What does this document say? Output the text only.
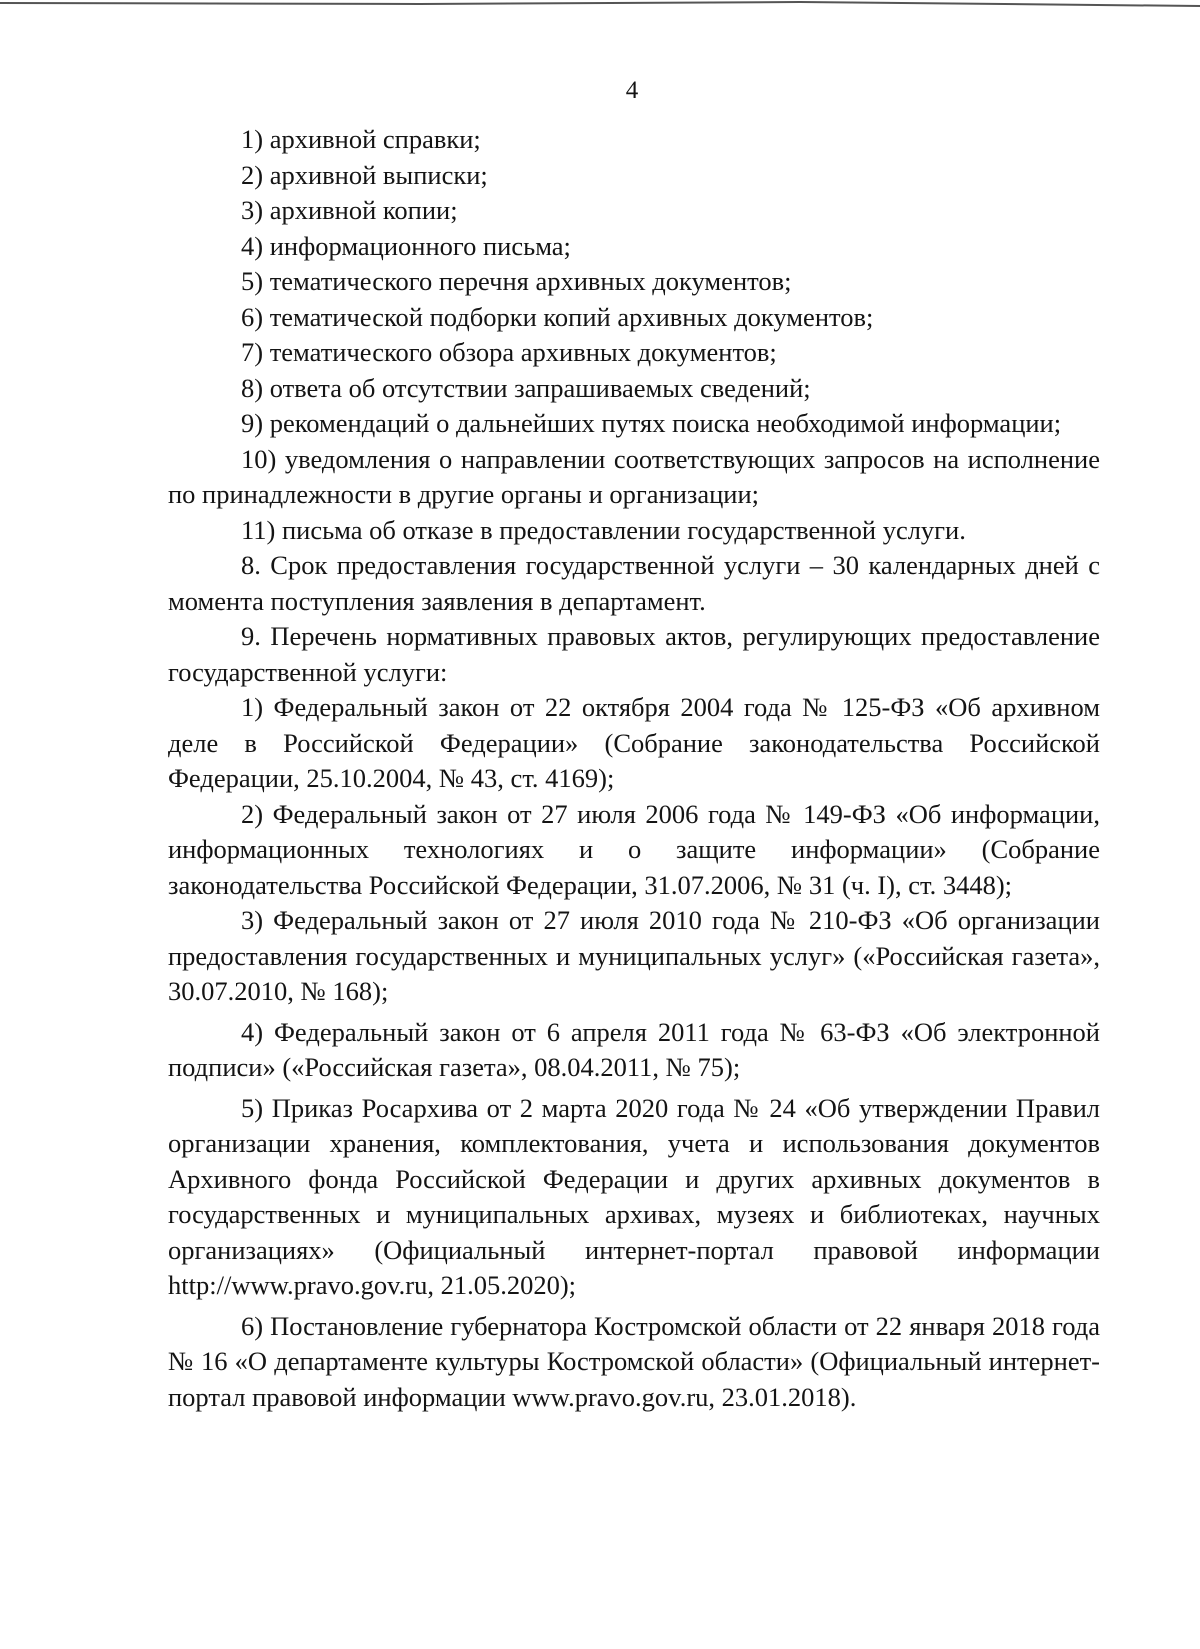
4

1) архивной справки;

2) архивной выписки;

3) архивной копии;

4) информационного письма;

5) тематического перечня архивных документов;

6) тематической подборки копий архивных документов;

7) тематического обзора архивных документов;

8) ответа об отсутствии запрашиваемых сведений;

9) рекомендаций о дальнейших путях поиска необходимой информации;

10) уведомления о направлении соответствующих запросов на исполнение по принадлежности в другие органы и организации;

11) письма об отказе в предоставлении государственной услуги.

8. Срок предоставления государственной услуги – 30 календарных дней с момента поступления заявления в департамент.

9. Перечень нормативных правовых актов, регулирующих предоставление государственной услуги:

1) Федеральный закон от 22 октября 2004 года № 125-ФЗ «Об архивном деле в Российской Федерации» (Собрание законодательства Российской Федерации, 25.10.2004, № 43, ст. 4169);

2) Федеральный закон от 27 июля 2006 года № 149-ФЗ «Об информации, информационных технологиях и о защите информации» (Собрание законодательства Российской Федерации, 31.07.2006, № 31 (ч. I), ст. 3448);

3) Федеральный закон от 27 июля 2010 года № 210-ФЗ «Об организации предоставления государственных и муниципальных услуг» («Российская газета», 30.07.2010, № 168);

4) Федеральный закон от 6 апреля 2011 года № 63-ФЗ «Об электронной подписи» («Российская газета», 08.04.2011, № 75);

5) Приказ Росархива от 2 марта 2020 года № 24 «Об утверждении Правил организации хранения, комплектования, учета и использования документов Архивного фонда Российской Федерации и других архивных документов в государственных и муниципальных архивах, музеях и библиотеках, научных организациях» (Официальный интернет-портал правовой информации http://www.pravo.gov.ru, 21.05.2020);

6) Постановление губернатора Костромской области от 22 января 2018 года № 16 «О департаменте культуры Костромской области» (Официальный интернет-портал правовой информации www.pravo.gov.ru, 23.01.2018).
